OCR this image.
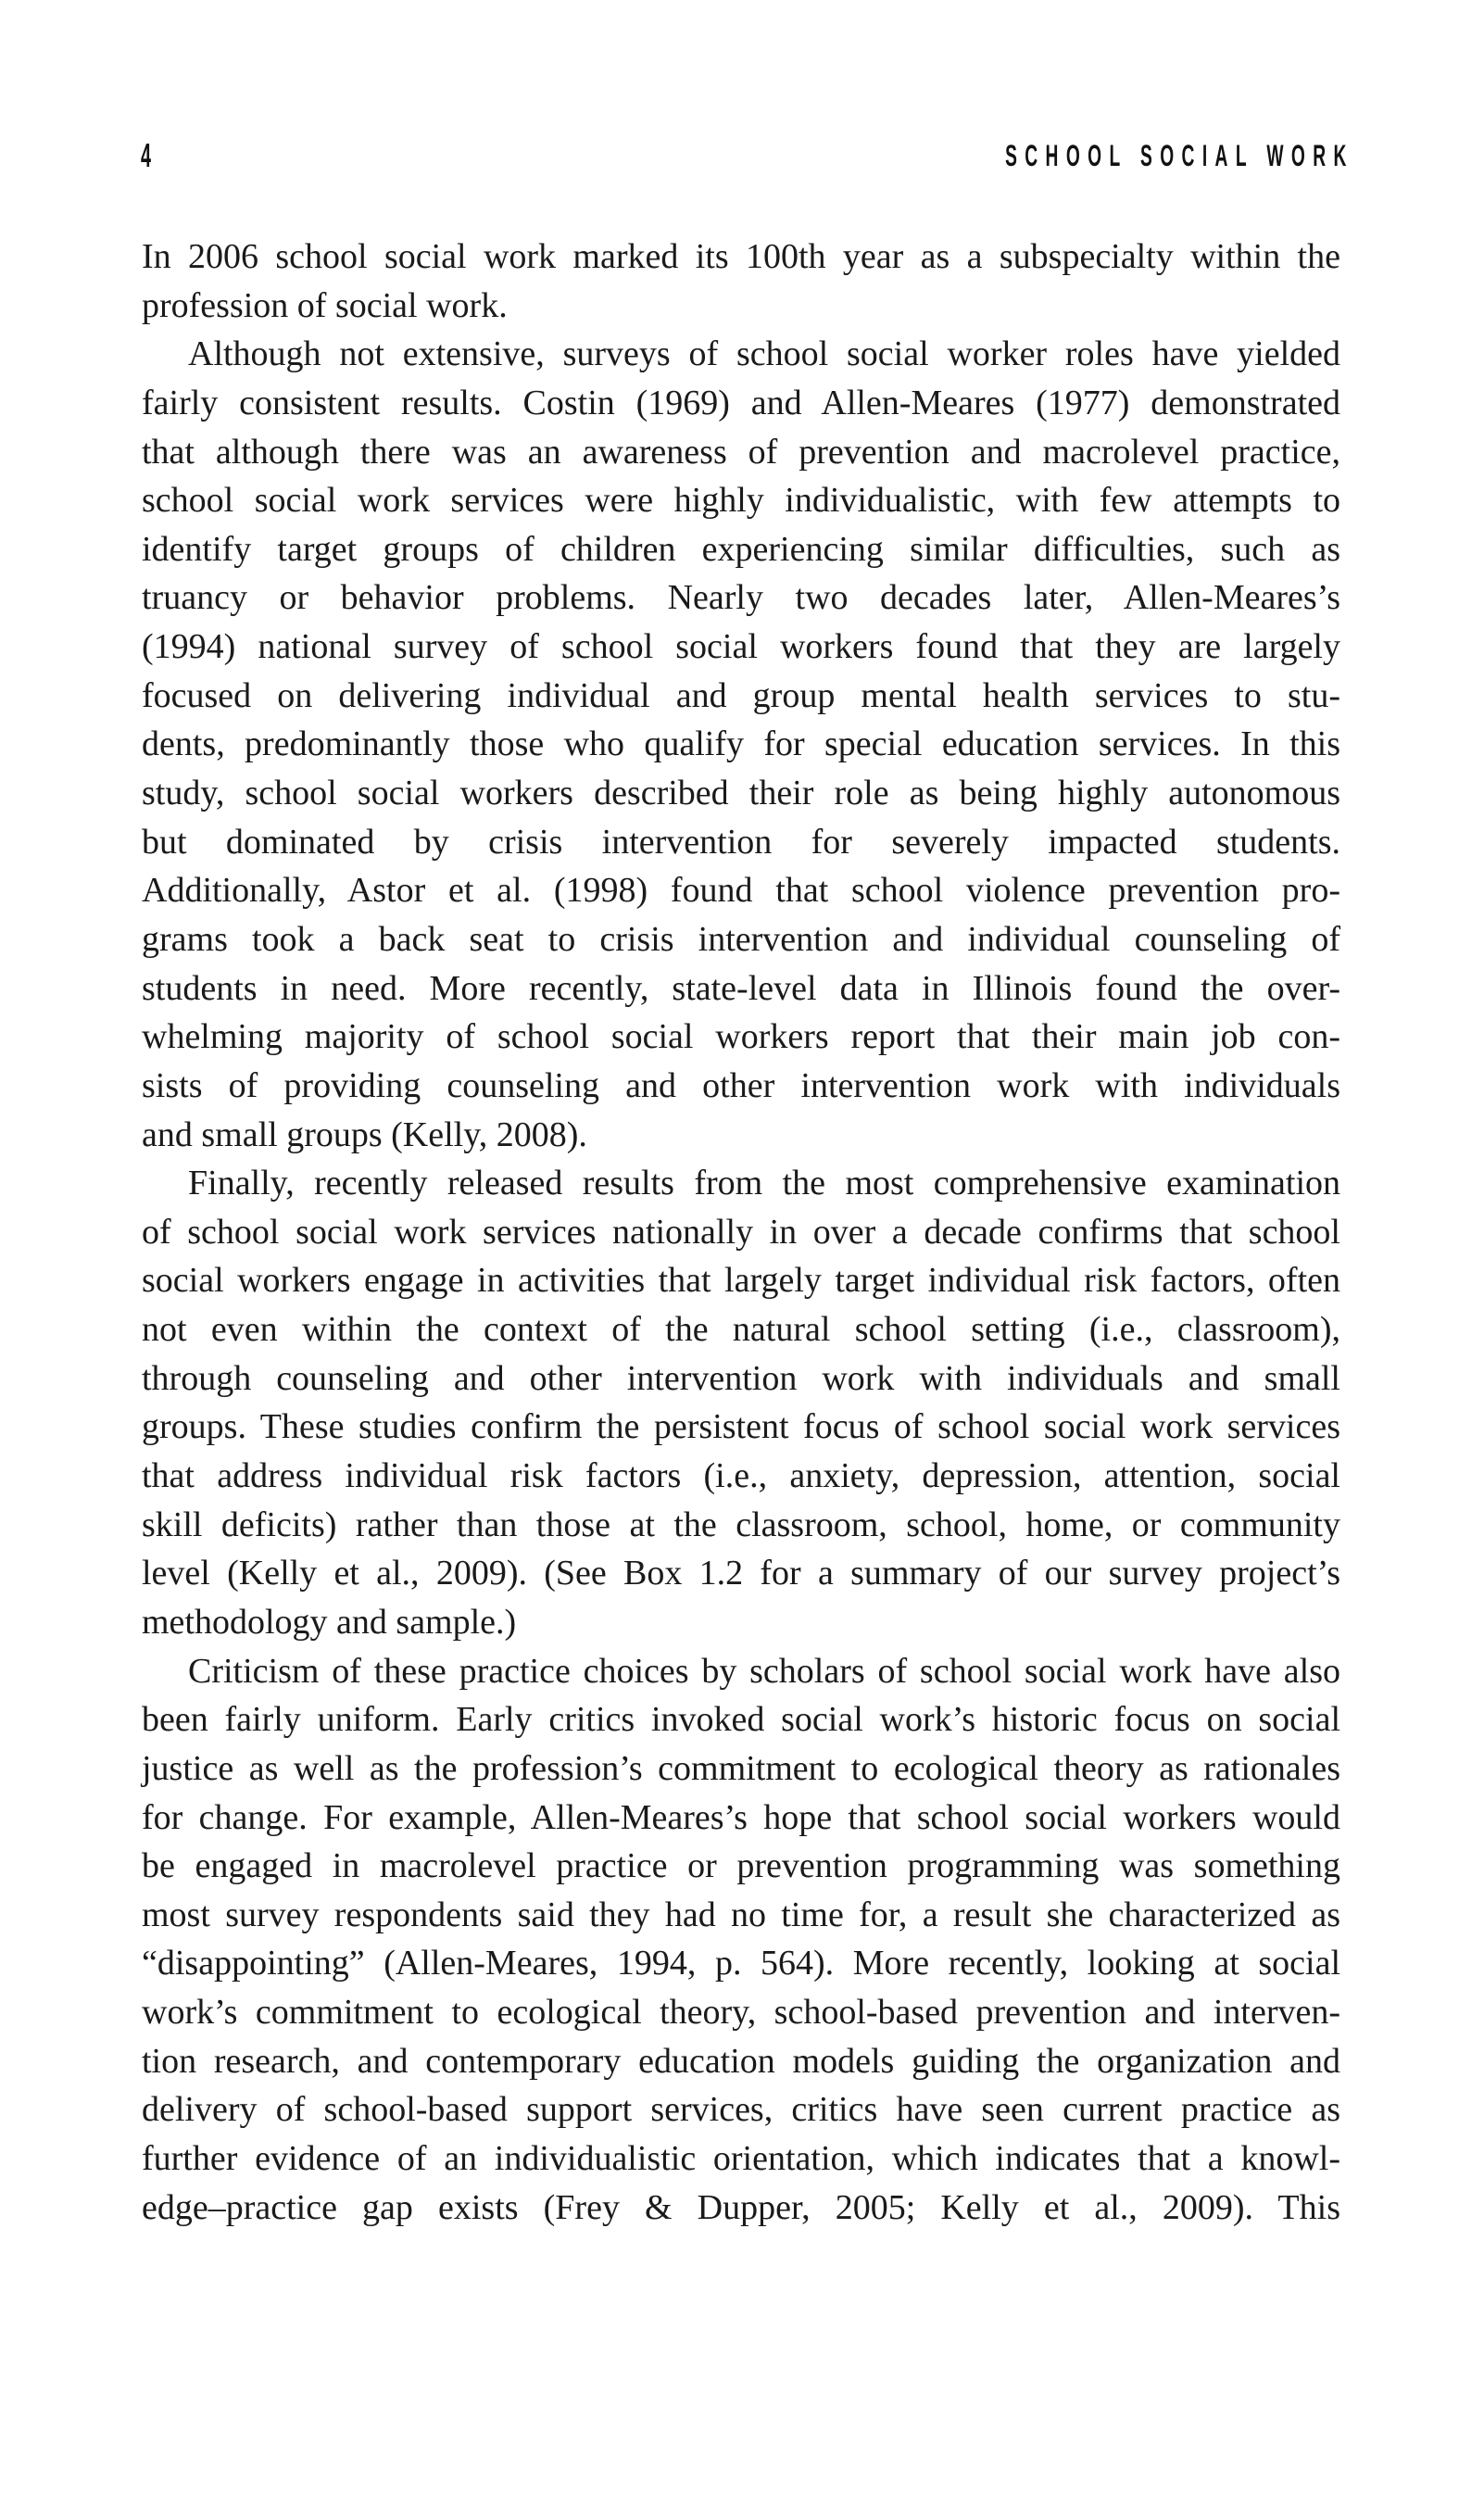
4	SCHOOL SOCIAL WORK
In 2006 school social work marked its 100th year as a subspecialty within the
profession of social work.
Although not extensive, surveys of school social worker roles have yielded
fairly consistent results. Costin (1969) and Allen-Meares (1977) demonstrated
that although there was an awareness of prevention and macrolevel practice,
school social work services were highly individualistic, with few attempts to
identify target groups of children experiencing similar difficulties, such as
truancy or behavior problems. Nearly two decades later, Allen-Meares’s
(1994) national survey of school social workers found that they are largely
focused on delivering individual and group mental health services to stu-
dents, predominantly those who qualify for special education services. In this
study, school social workers described their role as being highly autonomous
but dominated by crisis intervention for severely impacted students.
Additionally, Astor et al. (1998) found that school violence prevention pro-
grams took a back seat to crisis intervention and individual counseling of
students in need. More recently, state-level data in Illinois found the over-
whelming majority of school social workers report that their main job con-
sists of providing counseling and other intervention work with individuals
and small groups (Kelly, 2008).
Finally, recently released results from the most comprehensive examination
of school social work services nationally in over a decade confirms that school
social workers engage in activities that largely target individual risk factors, often
not even within the context of the natural school setting (i.e., classroom),
through counseling and other intervention work with individuals and small
groups. These studies confirm the persistent focus of school social work services
that address individual risk factors (i.e., anxiety, depression, attention, social
skill deficits) rather than those at the classroom, school, home, or community
level (Kelly et al., 2009). (See Box 1.2 for a summary of our survey project’s
methodology and sample.)
Criticism of these practice choices by scholars of school social work have also
been fairly uniform. Early critics invoked social work’s historic focus on social
justice as well as the profession’s commitment to ecological theory as rationales
for change. For example, Allen-Meares’s hope that school social workers would
be engaged in macrolevel practice or prevention programming was something
most survey respondents said they had no time for, a result she characterized as
“disappointing” (Allen-Meares, 1994, p. 564). More recently, looking at social
work’s commitment to ecological theory, school-based prevention and interven-
tion research, and contemporary education models guiding the organization and
delivery of school-based support services, critics have seen current practice as
further evidence of an individualistic orientation, which indicates that a knowl-
edge–practice gap exists (Frey & Dupper, 2005; Kelly et al., 2009). This
